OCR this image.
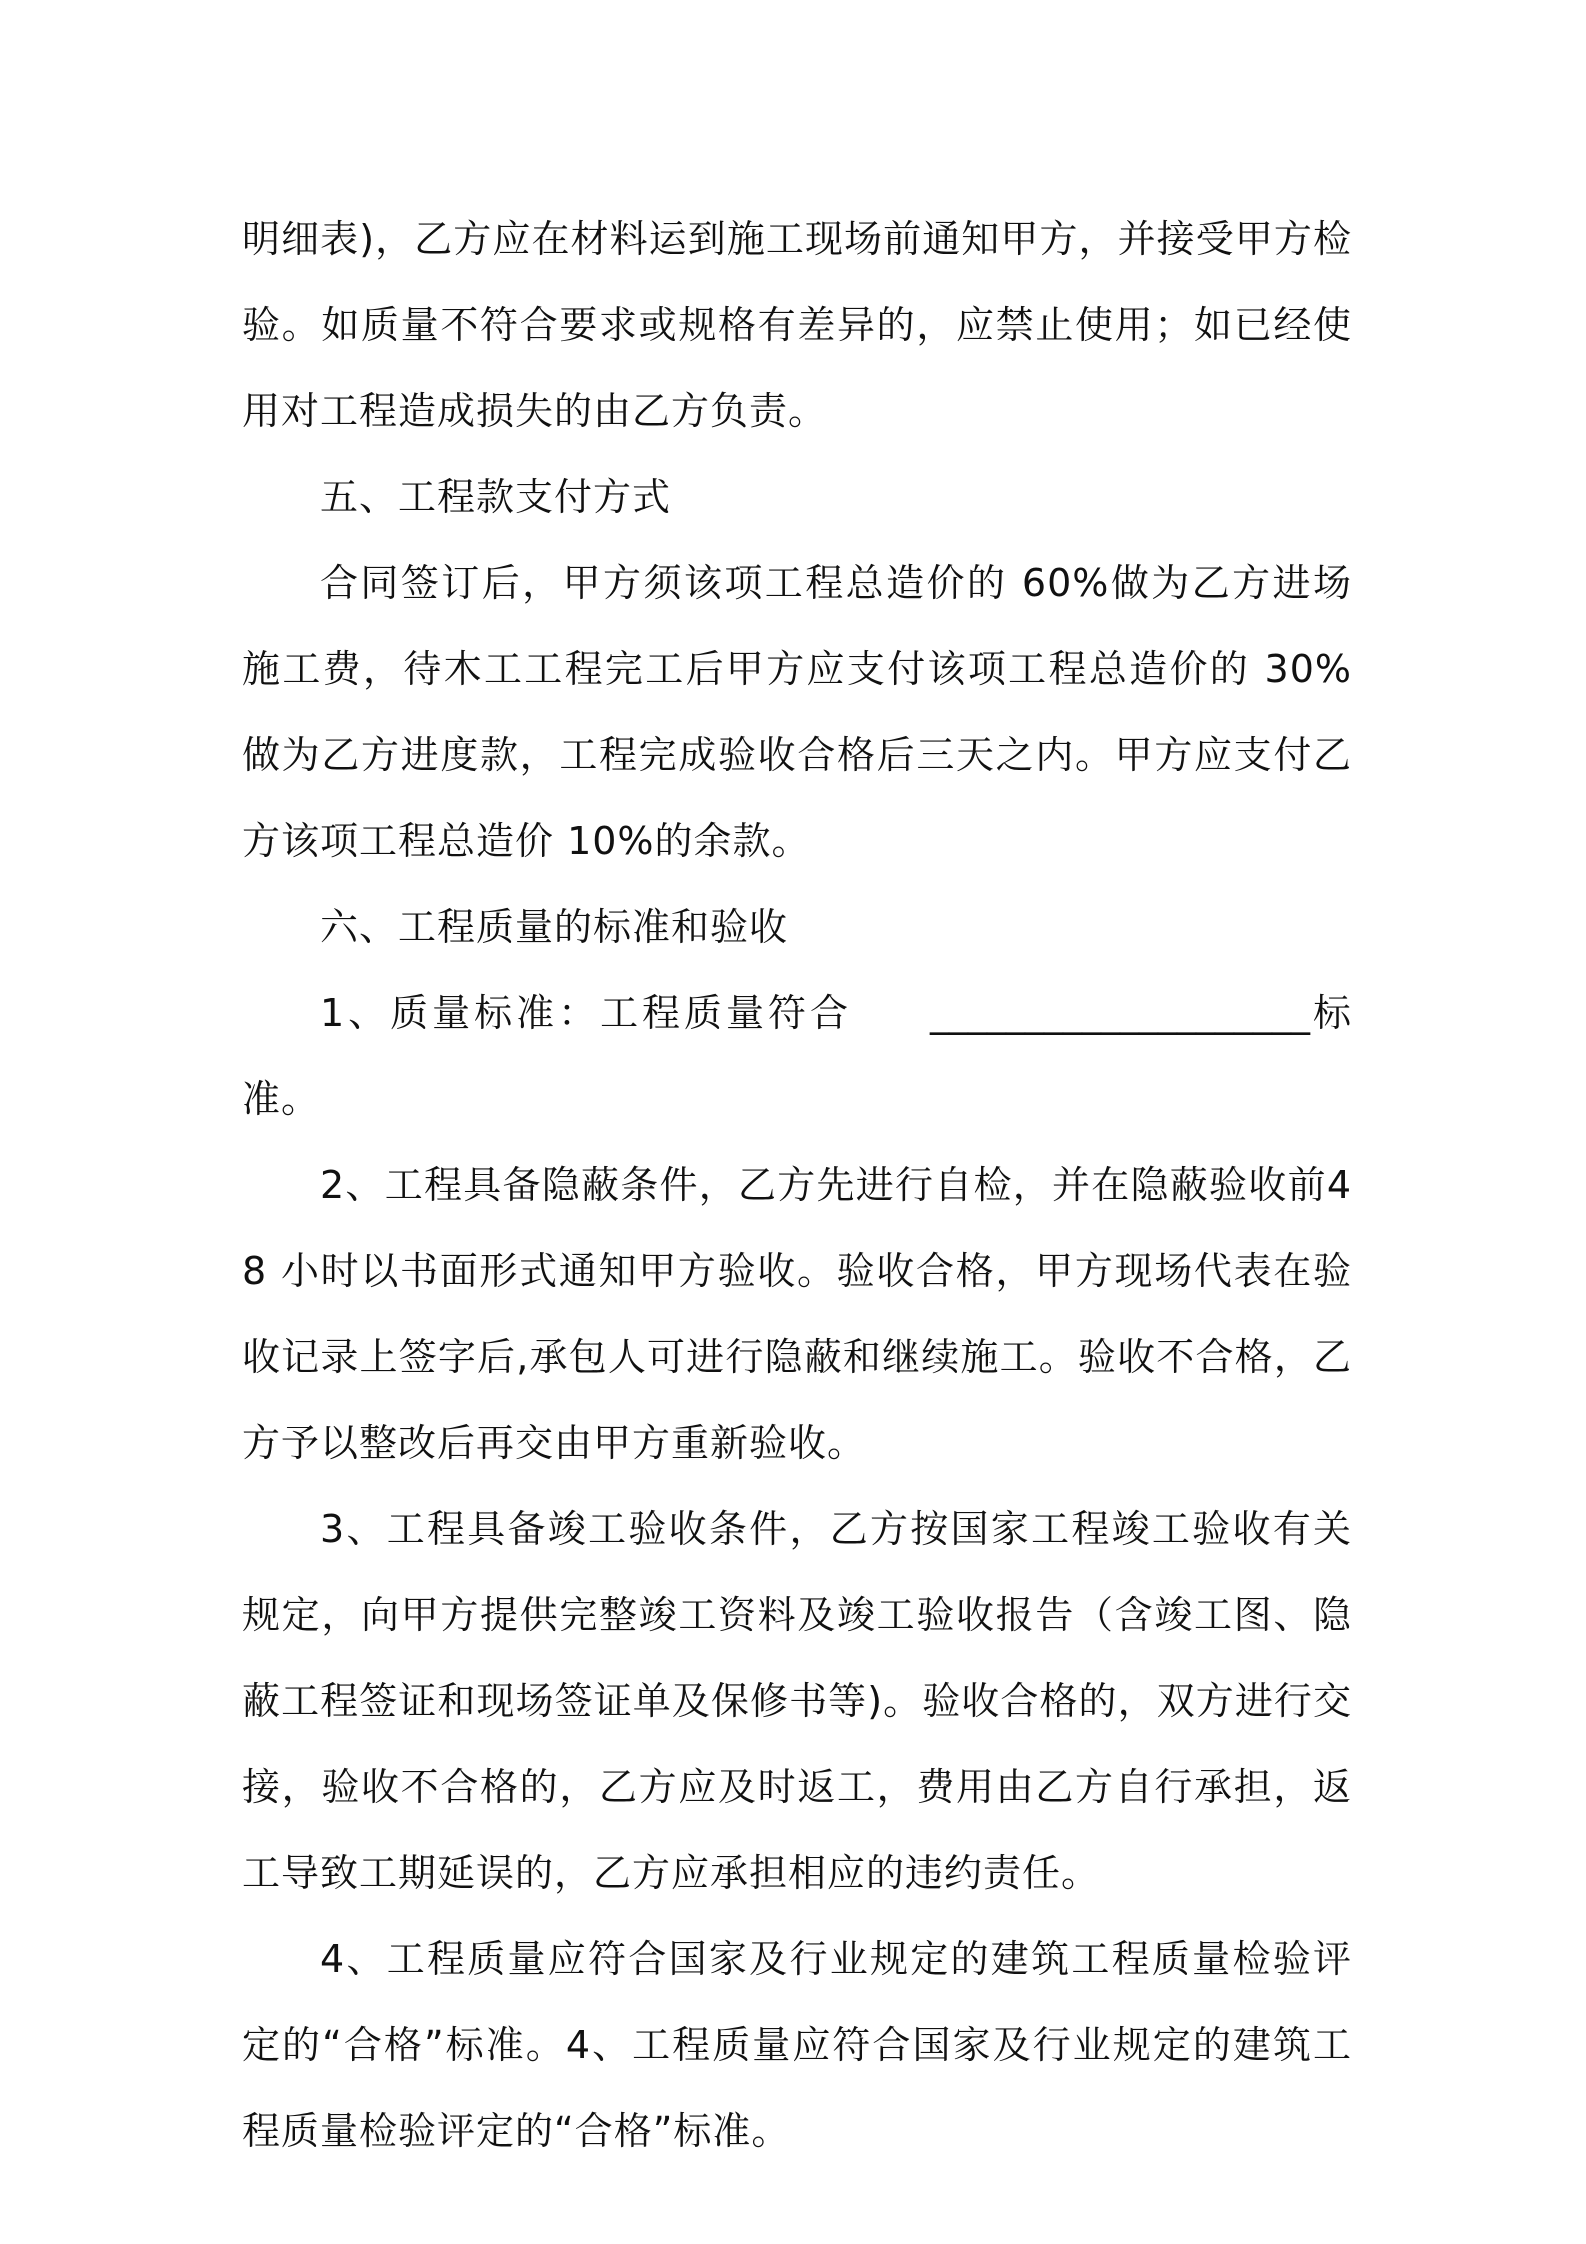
明细表)，乙方应在材料运到施工现场前通知甲方，并接受甲方检验。如质量不符合要求或规格有差异的，应禁止使用；如已经使用对工程造成损失的由乙方负责。

五、工程款支付方式

合同签订后，甲方须该项工程总造价的 60%做为乙方进场施工费，待木工工程完工后甲方应支付该项工程总造价的 30%做为乙方进度款，工程完成验收合格后三天之内。甲方应支付乙方该项工程总造价 10%的余款。

六、工程质量的标准和验收

1、质量标准：工程质量符合 ____________________标准。

2、工程具备隐蔽条件，乙方先进行自检，并在隐蔽验收前48 小时以书面形式通知甲方验收。验收合格，甲方现场代表在验收记录上签字后,承包人可进行隐蔽和继续施工。验收不合格，乙方予以整改后再交由甲方重新验收。

3、工程具备竣工验收条件，乙方按国家工程竣工验收有关规定，向甲方提供完整竣工资料及竣工验收报告（含竣工图、隐蔽工程签证和现场签证单及保修书等)。验收合格的，双方进行交接，验收不合格的，乙方应及时返工，费用由乙方自行承担，返工导致工期延误的，乙方应承担相应的违约责任。

4、工程质量应符合国家及行业规定的建筑工程质量检验评定的“合格”标准。4、工程质量应符合国家及行业规定的建筑工程质量检验评定的“合格”标准。
